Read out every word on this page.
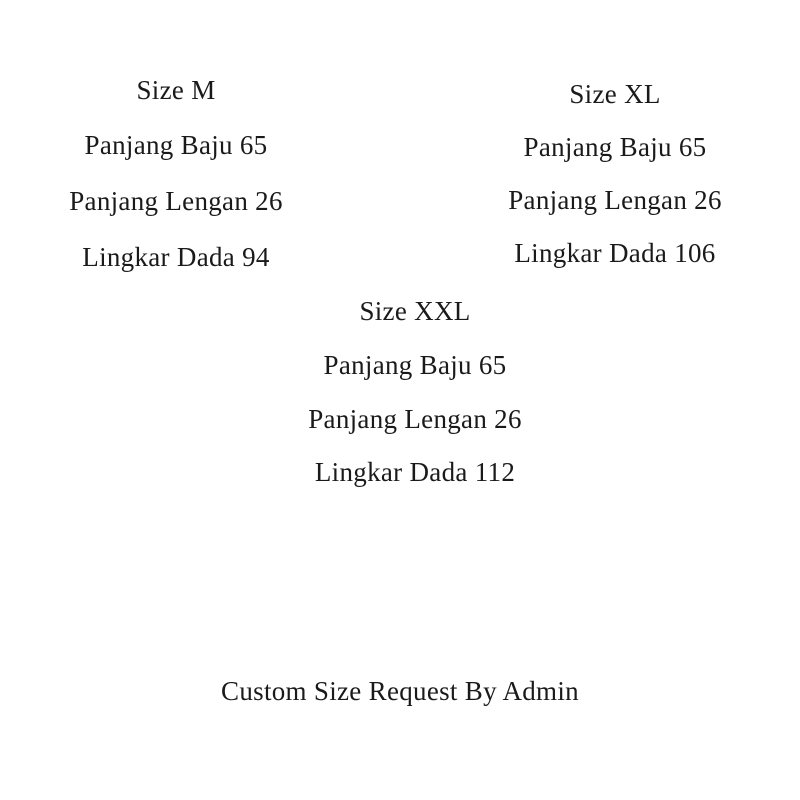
Size M
Panjang Baju 65
Panjang Lengan 26
Lingkar Dada 94
Size XL
Panjang Baju 65
Panjang Lengan 26
Lingkar Dada 106
Size XXL
Panjang Baju 65
Panjang Lengan 26
Lingkar Dada 112
Custom Size Request By Admin
